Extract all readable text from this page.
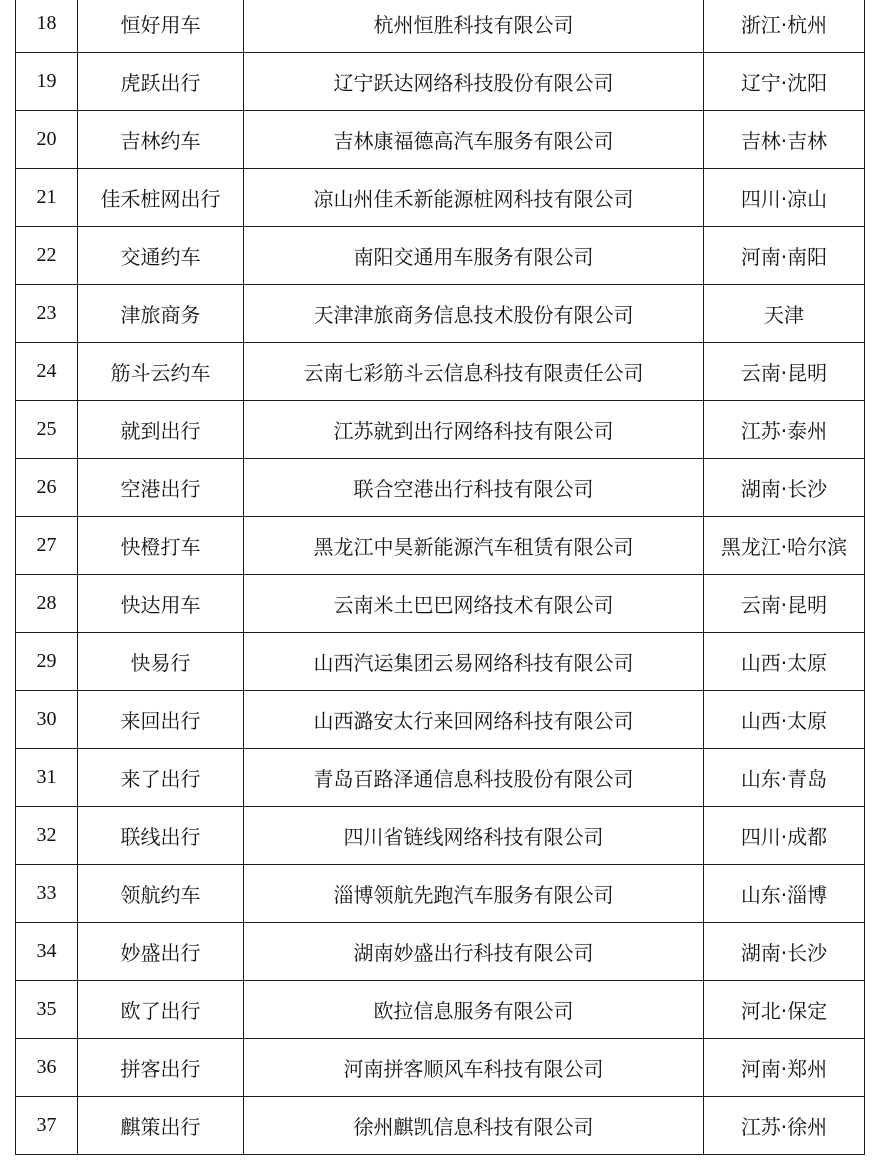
18	恒好用车	杭州恒胜科技有限公司	浙江·杭州
19	虎跃出行	辽宁跃达网络科技股份有限公司	辽宁·沈阳
20	吉林约车	吉林康福德高汽车服务有限公司	吉林·吉林
21	佳禾桩网出行	凉山州佳禾新能源桩网科技有限公司	四川·凉山
22	交通约车	南阳交通用车服务有限公司	河南·南阳
23	津旅商务	天津津旅商务信息技术股份有限公司	天津
24	筋斗云约车	云南七彩筋斗云信息科技有限责任公司	云南·昆明
25	就到出行	江苏就到出行网络科技有限公司	江苏·泰州
26	空港出行	联合空港出行科技有限公司	湖南·长沙
27	快橙打车	黑龙江中昊新能源汽车租赁有限公司	黑龙江·哈尔滨
28	快达用车	云南米土巴巴网络技术有限公司	云南·昆明
29	快易行	山西汽运集团云易网络科技有限公司	山西·太原
30	来回出行	山西潞安太行来回网络科技有限公司	山西·太原
31	来了出行	青岛百路泽通信息科技股份有限公司	山东·青岛
32	联线出行	四川省链线网络科技有限公司	四川·成都
33	领航约车	淄博领航先跑汽车服务有限公司	山东·淄博
34	妙盛出行	湖南妙盛出行科技有限公司	湖南·长沙
35	欧了出行	欧拉信息服务有限公司	河北·保定
36	拼客出行	河南拼客顺风车科技有限公司	河南·郑州
37	麒策出行	徐州麒凯信息科技有限公司	江苏·徐州
